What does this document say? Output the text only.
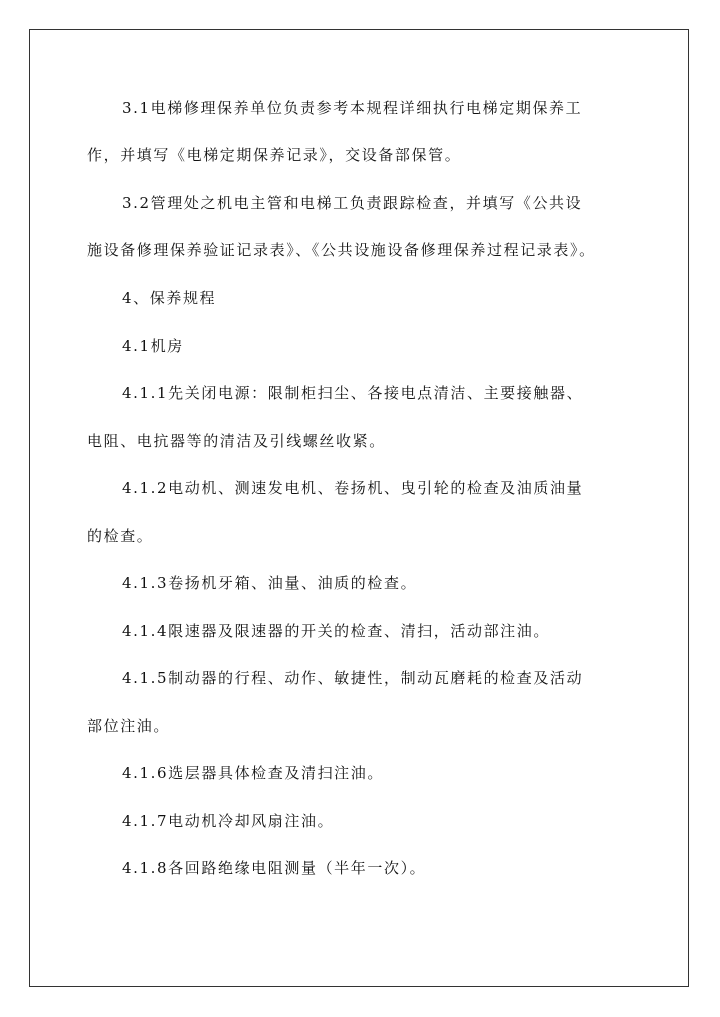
3.1电梯修理保养单位负责参考本规程详细执行电梯定期保养工
作，并填写《电梯定期保养记录》，交设备部保管。
3.2管理处之机电主管和电梯工负责跟踪检查，并填写《公共设
施设备修理保养验证记录表》、《公共设施设备修理保养过程记录表》。
4、保养规程
4.1机房
4.1.1先关闭电源：限制柜扫尘、各接电点清洁、主要接触器、
电阻、电抗器等的清洁及引线螺丝收紧。
4.1.2电动机、测速发电机、卷扬机、曳引轮的检查及油质油量
的检查。
4.1.3卷扬机牙箱、油量、油质的检查。
4.1.4限速器及限速器的开关的检查、清扫，活动部注油。
4.1.5制动器的行程、动作、敏捷性，制动瓦磨耗的检查及活动
部位注油。
4.1.6选层器具体检查及清扫注油。
4.1.7电动机冷却风扇注油。
4.1.8各回路绝缘电阻测量（半年一次）。
